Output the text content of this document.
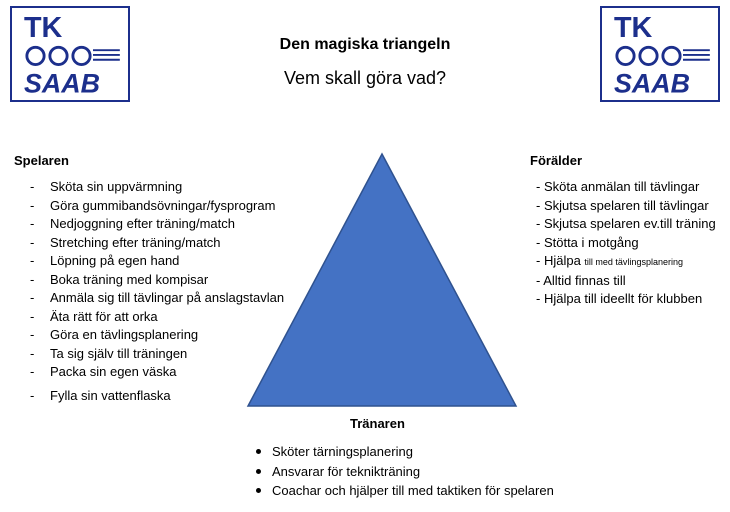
TK
SAAB
TK
SAAB
Den magiska triangeln
Vem skall göra vad?
Spelaren
- Sköta sin uppvärmning
- Göra gummibandsövningar/fysprogram
- Nedjoggning efter träning/match
- Stretching efter träning/match
- Löpning på egen hand
- Boka träning med kompisar
- Anmäla sig till tävlingar på anslagstavlan
- Äta rätt för att orka
- Göra en tävlingsplanering
- Ta sig själv till träningen
- Packa sin egen väska
- Fylla sin vattenflaska
Förälder
- Sköta anmälan till tävlingar
- Skjutsa spelaren till tävlingar
- Skjutsa spelaren ev.till träning
- Stötta i motgång
- Hjälpa till med tävlingsplanering
- Alltid finnas till
- Hjälpa till ideellt för klubben
Tränaren
Sköter tärningsplanering
Ansvarar för teknikträning
Coachar och hjälper till med taktiken för spelaren
